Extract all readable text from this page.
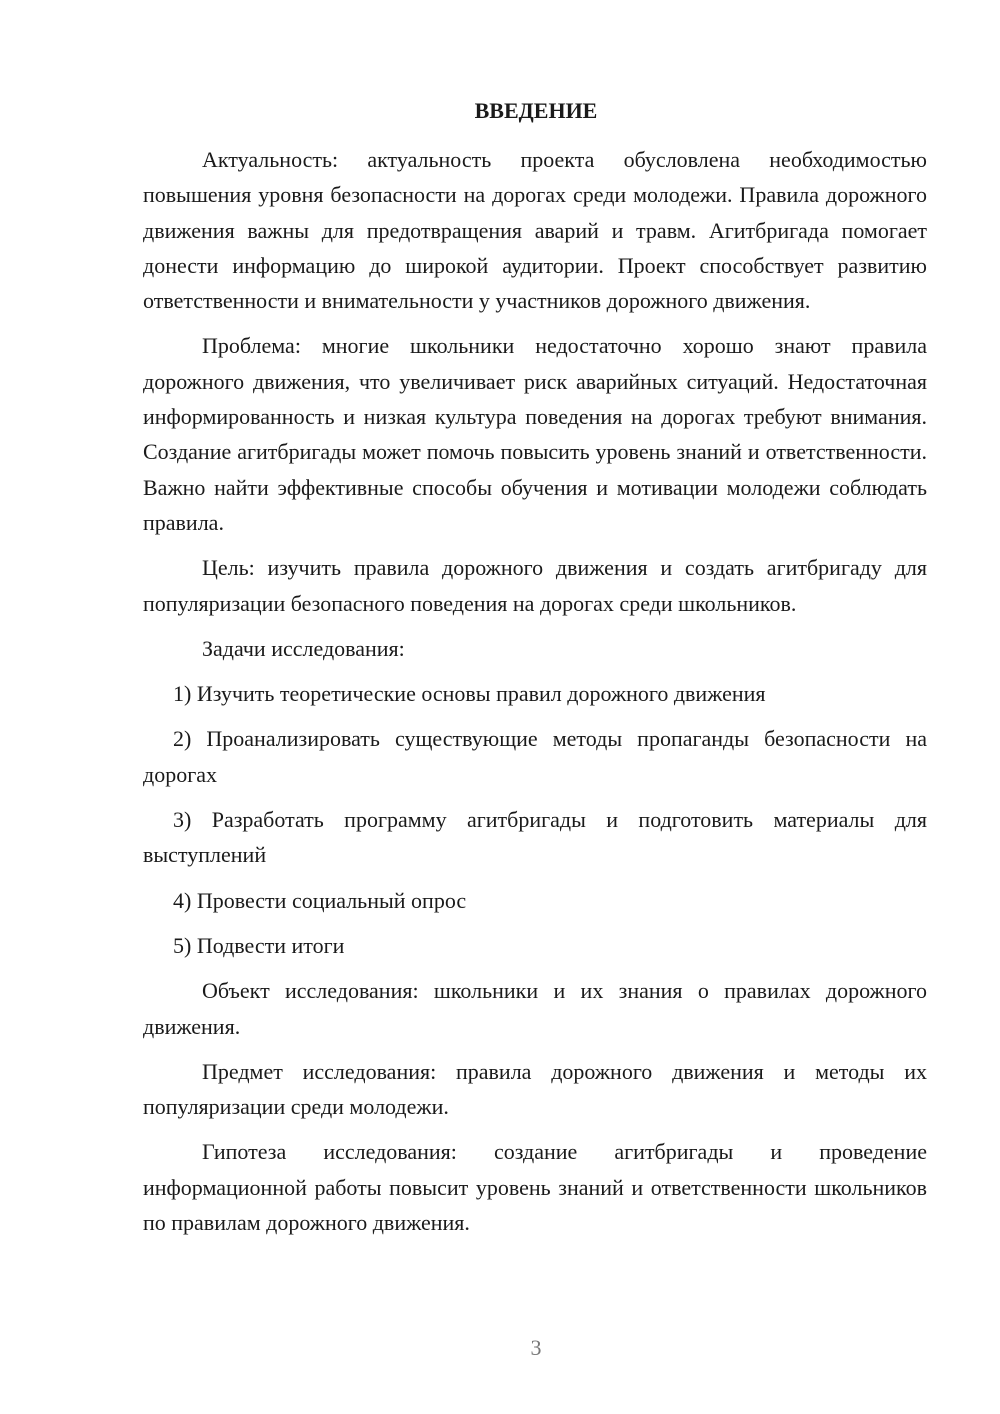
ВВЕДЕНИЕ

Актуальность: актуальность проекта обусловлена необходимостью повышения уровня безопасности на дорогах среди молодежи. Правила дорожного движения важны для предотвращения аварий и травм. Агитбригада помогает донести информацию до широкой аудитории. Проект способствует развитию ответственности и внимательности у участников дорожного движения.

Проблема: многие школьники недостаточно хорошо знают правила дорожного движения, что увеличивает риск аварийных ситуаций. Недостаточная информированность и низкая культура поведения на дорогах требуют внимания. Создание агитбригады может помочь повысить уровень знаний и ответственности. Важно найти эффективные способы обучения и мотивации молодежи соблюдать правила.

Цель: изучить правила дорожного движения и создать агитбригаду для популяризации безопасного поведения на дорогах среди школьников.

Задачи исследования:

1) Изучить теоретические основы правил дорожного движения

2) Проанализировать существующие методы пропаганды безопасности на дорогах

3) Разработать программу агитбригады и подготовить материалы для выступлений

4) Провести социальный опрос

5) Подвести итоги

Объект исследования: школьники и их знания о правилах дорожного движения.

Предмет исследования: правила дорожного движения и методы их популяризации среди молодежи.

Гипотеза исследования: создание агитбригады и проведение информационной работы повысит уровень знаний и ответственности школьников по правилам дорожного движения.

3
